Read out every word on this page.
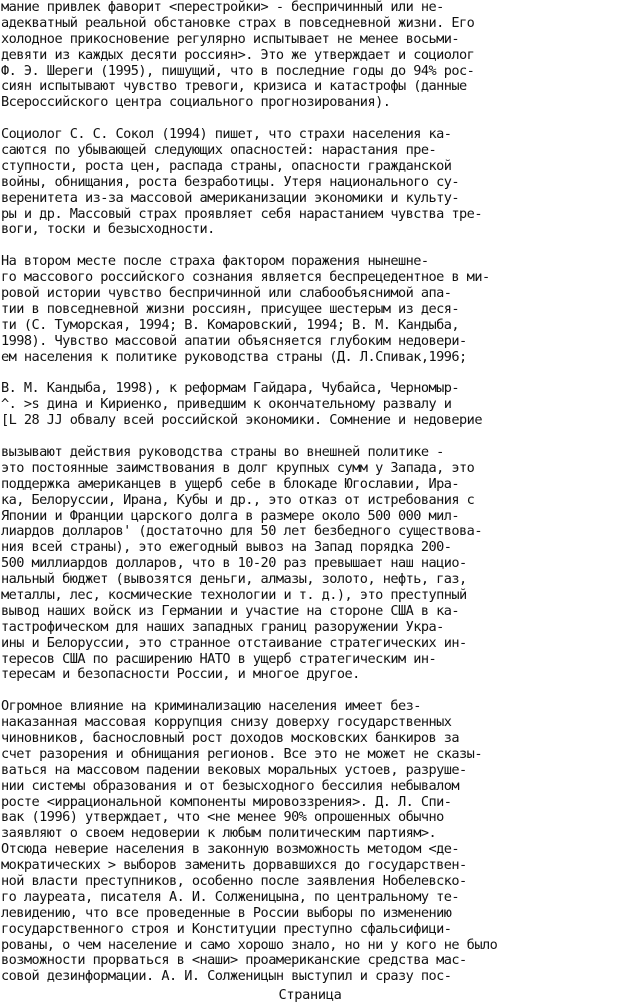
мание привлек фаворит <перестройки> - беспричинный или не-
адекватный реальной обстановке страх в повседневной жизни. Его
холодное прикосновение регулярно испытывает не менее восьми-
девяти из каждых десяти россиян>. Это же утверждает и социолог
Ф. Э. Шереги (1995), пишущий, что в последние годы до 94% рос-
сиян испытывают чувство тревоги, кризиса и катастрофы (данные
Всероссийского центра социального прогнозирования).
Социолог С. С. Сокол (1994) пишет, что страхи населения ка-
саются по убывающей следующих опасностей: нарастания пре-
ступности, роста цен, распада страны, опасности гражданской
войны, обнищания, роста безработицы. Утеря национального су-
веренитета из-за массовой американизации экономики и культу-
ры и др. Массовый страх проявляет себя нарастанием чувства тре-
воги, тоски и безысходности.
На втором месте после страха фактором поражения нынешне-
го массового российского сознания является беспрецедентное в ми-
ровой истории чувство беспричинной или слабообъяснимой апа-
тии в повседневной жизни россиян, присущее шестерым из деся-
ти (С. Туморская, 1994; В. Комаровский, 1994; В. М. Кандыба,
1998). Чувство массовой апатии объясняется глубоким недовери-
ем населения к политике руководства страны (Д. Л.Спивак,1996;
В. М. Кандыба, 1998), к реформам Гайдара, Чубайса, Черномыр-
^. >s дина и Кириенко, приведшим к окончательному развалу и
[L 28 JJ обвалу всей российской экономики. Сомнение и недоверие
вызывают действия руководства страны во внешней политике -
это постоянные заимствования в долг крупных сумм у Запада, это
поддержка американцев в ущерб себе в блокаде Югославии, Ира-
ка, Белоруссии, Ирана, Кубы и др., это отказ от истребования с
Японии и Франции царского долга в размере около 500 000 мил-
лиардов долларов' (достаточно для 50 лет безбедного существова-
ния всей страны), это ежегодный вывоз на Запад порядка 200-
500 миллиардов долларов, что в 10-20 раз превышает наш нацио-
нальный бюджет (вывозятся деньги, алмазы, золото, нефть, газ,
металлы, лес, космические технологии и т. д.), это преступный
вывод наших войск из Германии и участие на стороне США в ка-
тастрофическом для наших западных границ разоружении Укра-
ины и Белоруссии, это странное отстаивание стратегических ин-
тересов США по расширению НАТО в ущерб стратегическим ин-
тересам и безопасности России, и многое другое.
Огромное влияние на криминализацию населения имеет без-
наказанная массовая коррупция снизу доверху государственных
чиновников, баснословный рост доходов московских банкиров за
счет разорения и обнищания регионов. Все это не может не сказы-
ваться на массовом падении вековых моральных устоев, разруше-
нии системы образования и от безысходного бессилия небывалом
росте <иррациональной компоненты мировоззрения>. Д. Л. Спи-
вак (1996) утверждает, что <не менее 90% опрошенных обычно
заявляют о своем недоверии к любым политическим партиям>.
Отсюда неверие населения в законную возможность методом <де-
мократических > выборов заменить дорвавшихся до государствен-
ной власти преступников, особенно после заявления Нобелевско-
го лауреата, писателя А. И. Солженицына, по центральному те-
левидению, что все проведенные в России выборы по изменению
государственного строя и Конституции преступно сфальсифици-
рованы, о чем население и само хорошо знало, но ни у кого не было
возможности прорваться в <наши> проамериканские средства мас-
совой дезинформации. А. И. Солженицын выступил и сразу пос-
Страница
